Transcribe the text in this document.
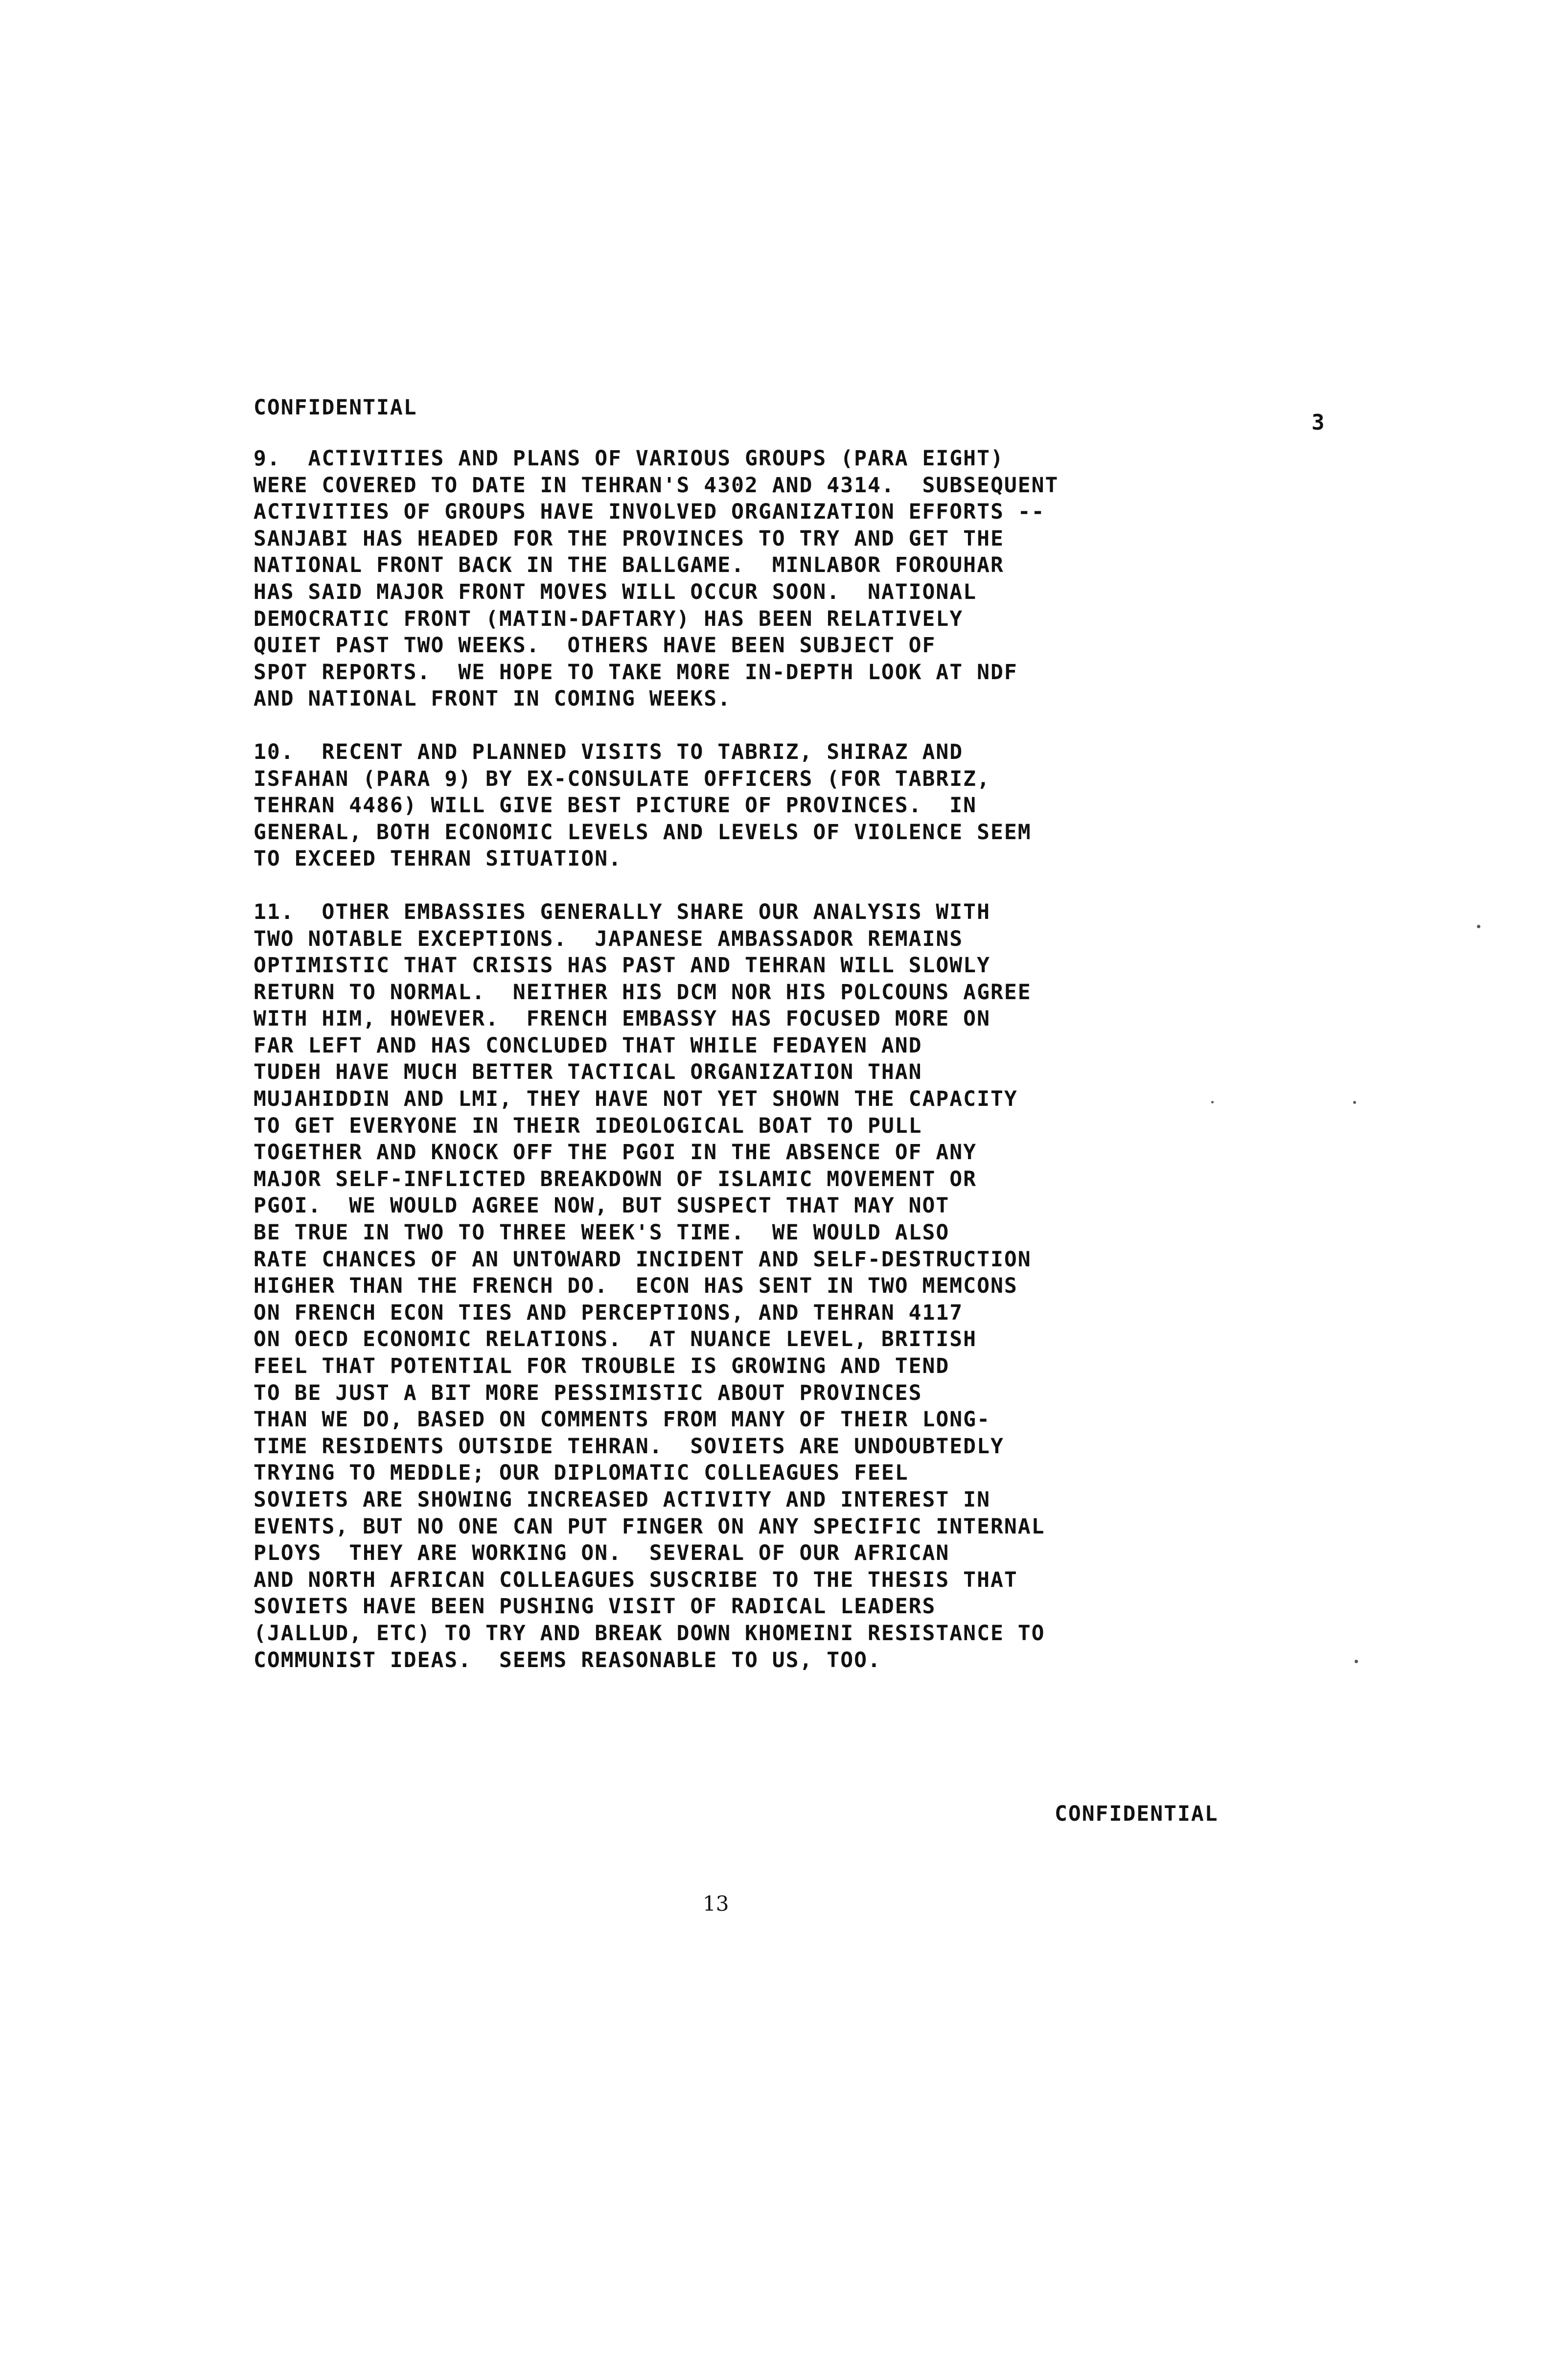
CONFIDENTIAL
3
9.  ACTIVITIES AND PLANS OF VARIOUS GROUPS (PARA EIGHT)
WERE COVERED TO DATE IN TEHRAN'S 4302 AND 4314.  SUBSEQUENT
ACTIVITIES OF GROUPS HAVE INVOLVED ORGANIZATION EFFORTS --
SANJABI HAS HEADED FOR THE PROVINCES TO TRY AND GET THE
NATIONAL FRONT BACK IN THE BALLGAME.  MINLABOR FOROUHAR
HAS SAID MAJOR FRONT MOVES WILL OCCUR SOON.  NATIONAL
DEMOCRATIC FRONT (MATIN-DAFTARY) HAS BEEN RELATIVELY
QUIET PAST TWO WEEKS.  OTHERS HAVE BEEN SUBJECT OF
SPOT REPORTS.  WE HOPE TO TAKE MORE IN-DEPTH LOOK AT NDF
AND NATIONAL FRONT IN COMING WEEKS.
10.  RECENT AND PLANNED VISITS TO TABRIZ, SHIRAZ AND
ISFAHAN (PARA 9) BY EX-CONSULATE OFFICERS (FOR TABRIZ,
TEHRAN 4486) WILL GIVE BEST PICTURE OF PROVINCES.  IN
GENERAL, BOTH ECONOMIC LEVELS AND LEVELS OF VIOLENCE SEEM
TO EXCEED TEHRAN SITUATION.
11.  OTHER EMBASSIES GENERALLY SHARE OUR ANALYSIS WITH
TWO NOTABLE EXCEPTIONS.  JAPANESE AMBASSADOR REMAINS
OPTIMISTIC THAT CRISIS HAS PAST AND TEHRAN WILL SLOWLY
RETURN TO NORMAL.  NEITHER HIS DCM NOR HIS POLCOUNS AGREE
WITH HIM, HOWEVER.  FRENCH EMBASSY HAS FOCUSED MORE ON
FAR LEFT AND HAS CONCLUDED THAT WHILE FEDAYEN AND
TUDEH HAVE MUCH BETTER TACTICAL ORGANIZATION THAN
MUJAHIDDIN AND LMI, THEY HAVE NOT YET SHOWN THE CAPACITY
TO GET EVERYONE IN THEIR IDEOLOGICAL BOAT TO PULL
TOGETHER AND KNOCK OFF THE PGOI IN THE ABSENCE OF ANY
MAJOR SELF-INFLICTED BREAKDOWN OF ISLAMIC MOVEMENT OR
PGOI.  WE WOULD AGREE NOW, BUT SUSPECT THAT MAY NOT
BE TRUE IN TWO TO THREE WEEK'S TIME.  WE WOULD ALSO
RATE CHANCES OF AN UNTOWARD INCIDENT AND SELF-DESTRUCTION
HIGHER THAN THE FRENCH DO.  ECON HAS SENT IN TWO MEMCONS
ON FRENCH ECON TIES AND PERCEPTIONS, AND TEHRAN 4117
ON OECD ECONOMIC RELATIONS.  AT NUANCE LEVEL, BRITISH
FEEL THAT POTENTIAL FOR TROUBLE IS GROWING AND TEND
TO BE JUST A BIT MORE PESSIMISTIC ABOUT PROVINCES
THAN WE DO, BASED ON COMMENTS FROM MANY OF THEIR LONG-
TIME RESIDENTS OUTSIDE TEHRAN.  SOVIETS ARE UNDOUBTEDLY
TRYING TO MEDDLE; OUR DIPLOMATIC COLLEAGUES FEEL
SOVIETS ARE SHOWING INCREASED ACTIVITY AND INTEREST IN
EVENTS, BUT NO ONE CAN PUT FINGER ON ANY SPECIFIC INTERNAL
PLOYS  THEY ARE WORKING ON.  SEVERAL OF OUR AFRICAN
AND NORTH AFRICAN COLLEAGUES SUSCRIBE TO THE THESIS THAT
SOVIETS HAVE BEEN PUSHING VISIT OF RADICAL LEADERS
(JALLUD, ETC) TO TRY AND BREAK DOWN KHOMEINI RESISTANCE TO
COMMUNIST IDEAS.  SEEMS REASONABLE TO US, TOO.
CONFIDENTIAL
13
